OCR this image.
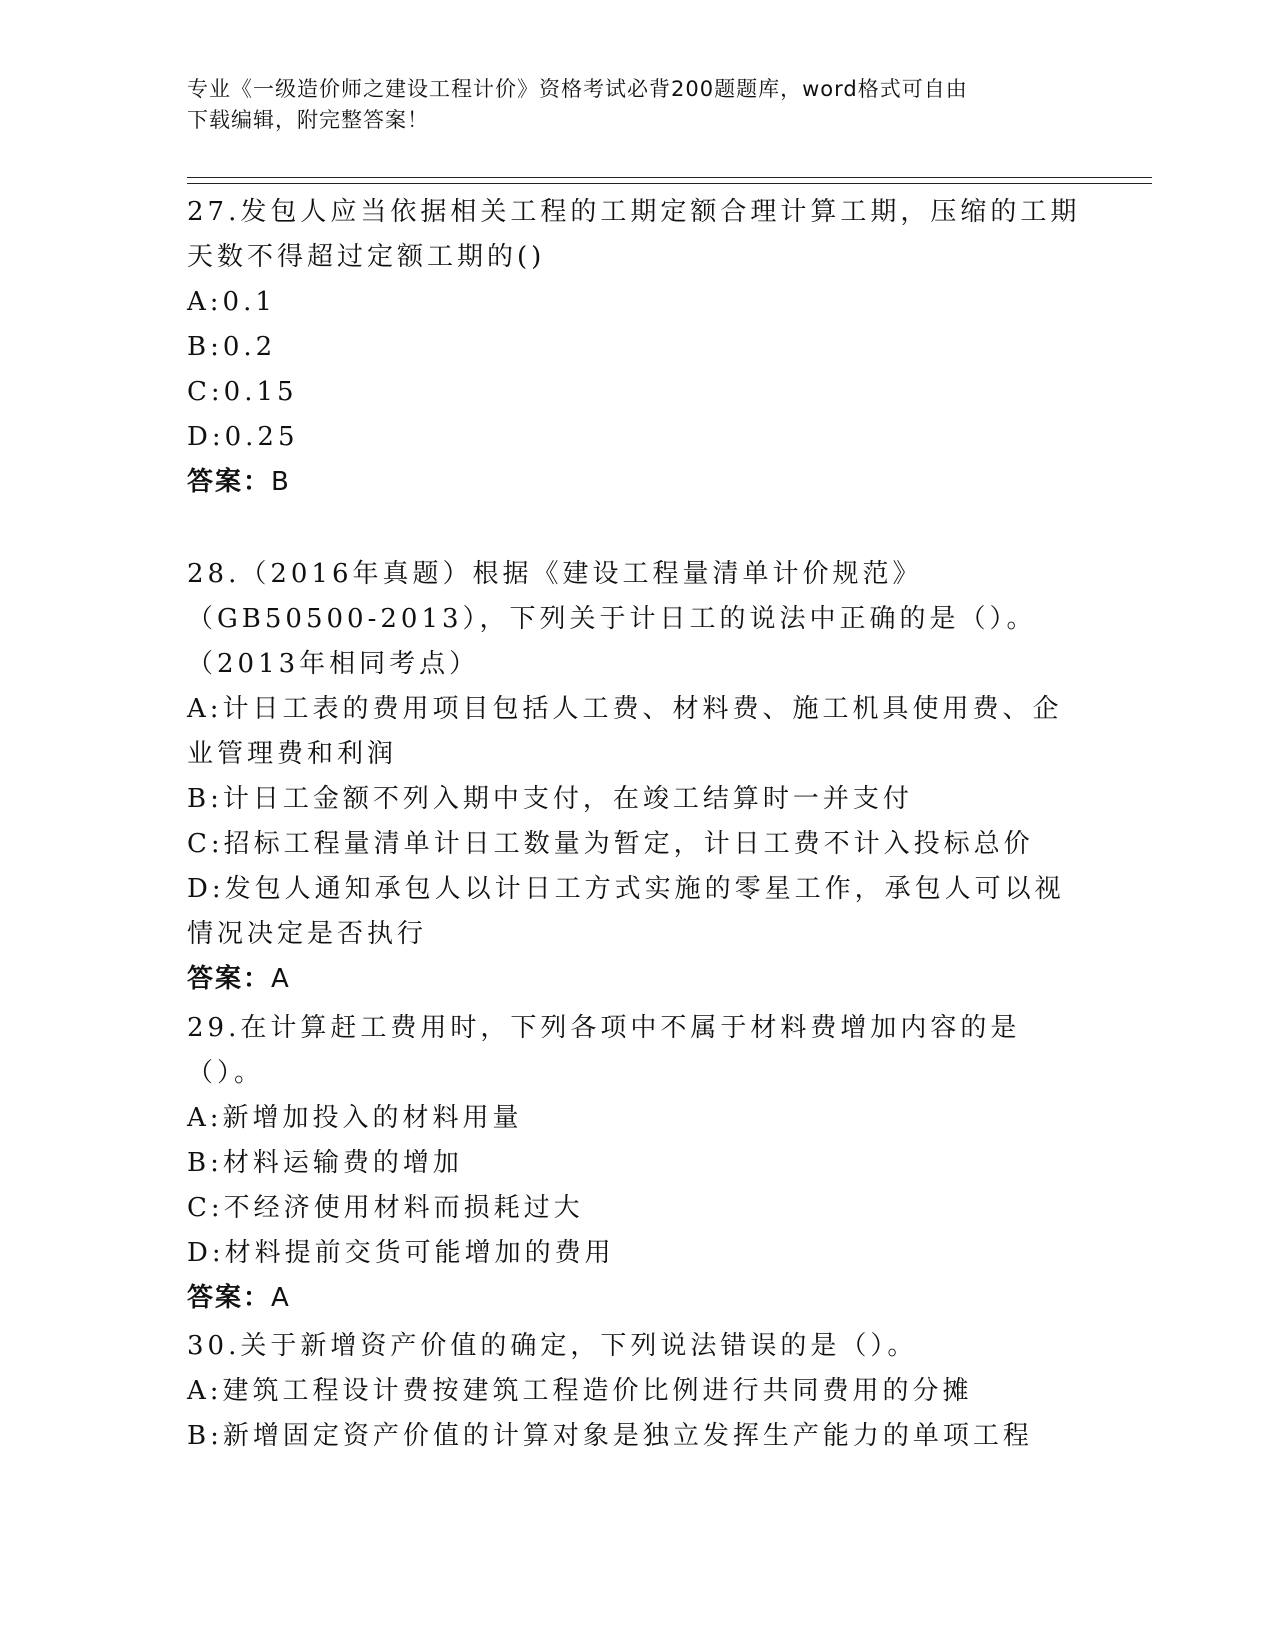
专业《一级造价师之建设工程计价》资格考试必背200题题库，word格式可自由
下载编辑，附完整答案！

27.发包人应当依据相关工程的工期定额合理计算工期，压缩的工期天数不得超过定额工期的()

A:0.1

B:0.2

C:0.15

D:0.25

答案：B

28.（2016年真题）根据《建设工程量清单计价规范》（GB50500-2013），下列关于计日工的说法中正确的是（）。（2013年相同考点）

A:计日工表的费用项目包括人工费、材料费、施工机具使用费、企业管理费和利润

B:计日工金额不列入期中支付，在竣工结算时一并支付

C:招标工程量清单计日工数量为暂定，计日工费不计入投标总价

D:发包人通知承包人以计日工方式实施的零星工作，承包人可以视情况决定是否执行

答案：A

29.在计算赶工费用时，下列各项中不属于材料费增加内容的是（）。

A:新增加投入的材料用量

B:材料运输费的增加

C:不经济使用材料而损耗过大

D:材料提前交货可能增加的费用

答案：A

30.关于新增资产价值的确定，下列说法错误的是（）。

A:建筑工程设计费按建筑工程造价比例进行共同费用的分摊

B:新增固定资产价值的计算对象是独立发挥生产能力的单项工程
